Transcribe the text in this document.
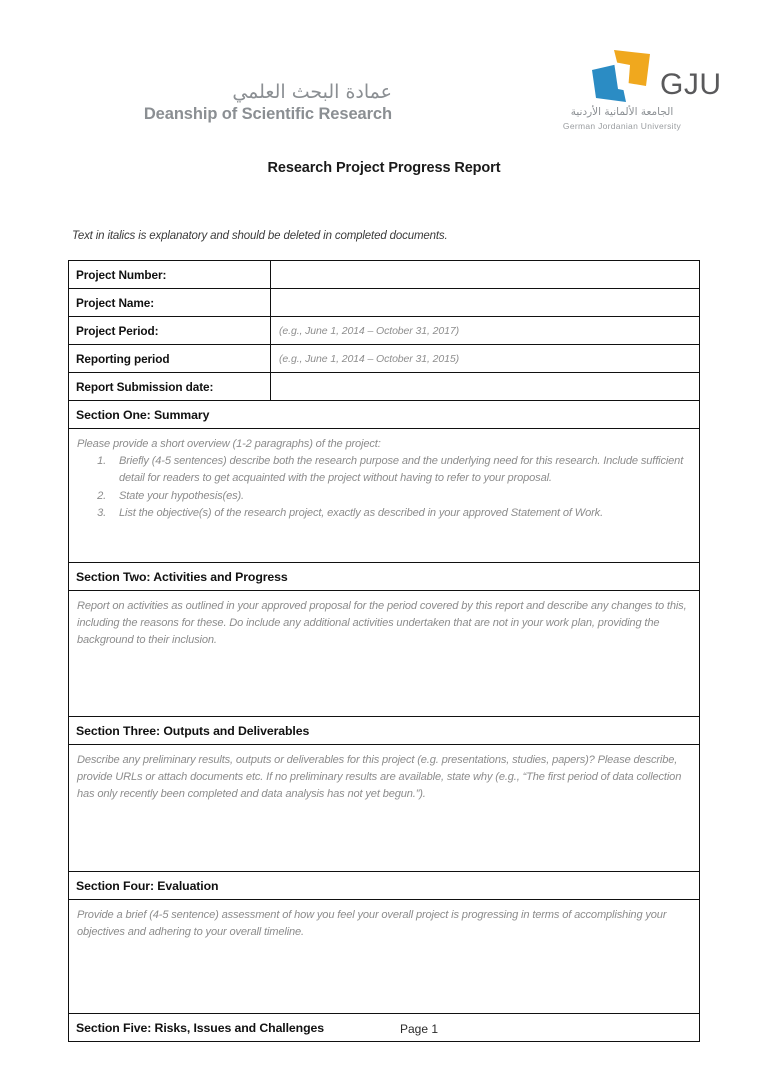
عمادة البحث العلمي
Deanship of Scientific Research
GJU
الجامعة الألمانية الأردنية
German Jordanian University
Research Project Progress Report
Text in italics is explanatory and should be deleted in completed documents.
Project Number:	

Project Name:	

Project Period:	(e.g., June 1, 2014 – October 31, 2017)

Reporting period	(e.g., June 1, 2014 – October 31, 2015)

Report Submission date:	

Section One: Summary	

Please provide a short overview (1-2 paragraphs) of the project:

1. Briefly (4-5 sentences) describe both the research purpose and the underlying need for this research. Include sufficient detail for readers to get acquainted with the project without having to refer to your proposal.
2. State your hypothesis(es).
3. List the objective(s) of the research project, exactly as described in your approved Statement of Work.

Section Two: Activities and Progress	

Report on activities as outlined in your approved proposal for the period covered by this report and describe any changes to this, including the reasons for these. Do include any additional activities undertaken that are not in your work plan, providing the background to their inclusion.	

Section Three: Outputs and Deliverables	

Describe any preliminary results, outputs or deliverables for this project (e.g. presentations, studies, papers)? Please describe, provide URLs or attach documents etc. If no preliminary results are available, state why (e.g., “The first period of data collection has only recently been completed and data analysis has not yet begun.”).	

Section Four: Evaluation	

Provide a brief (4-5 sentence) assessment of how you feel your overall project is progressing in terms of accomplishing your objectives and adhering to your overall timeline.	

Section Five: Risks, Issues and Challenges		Page 1
